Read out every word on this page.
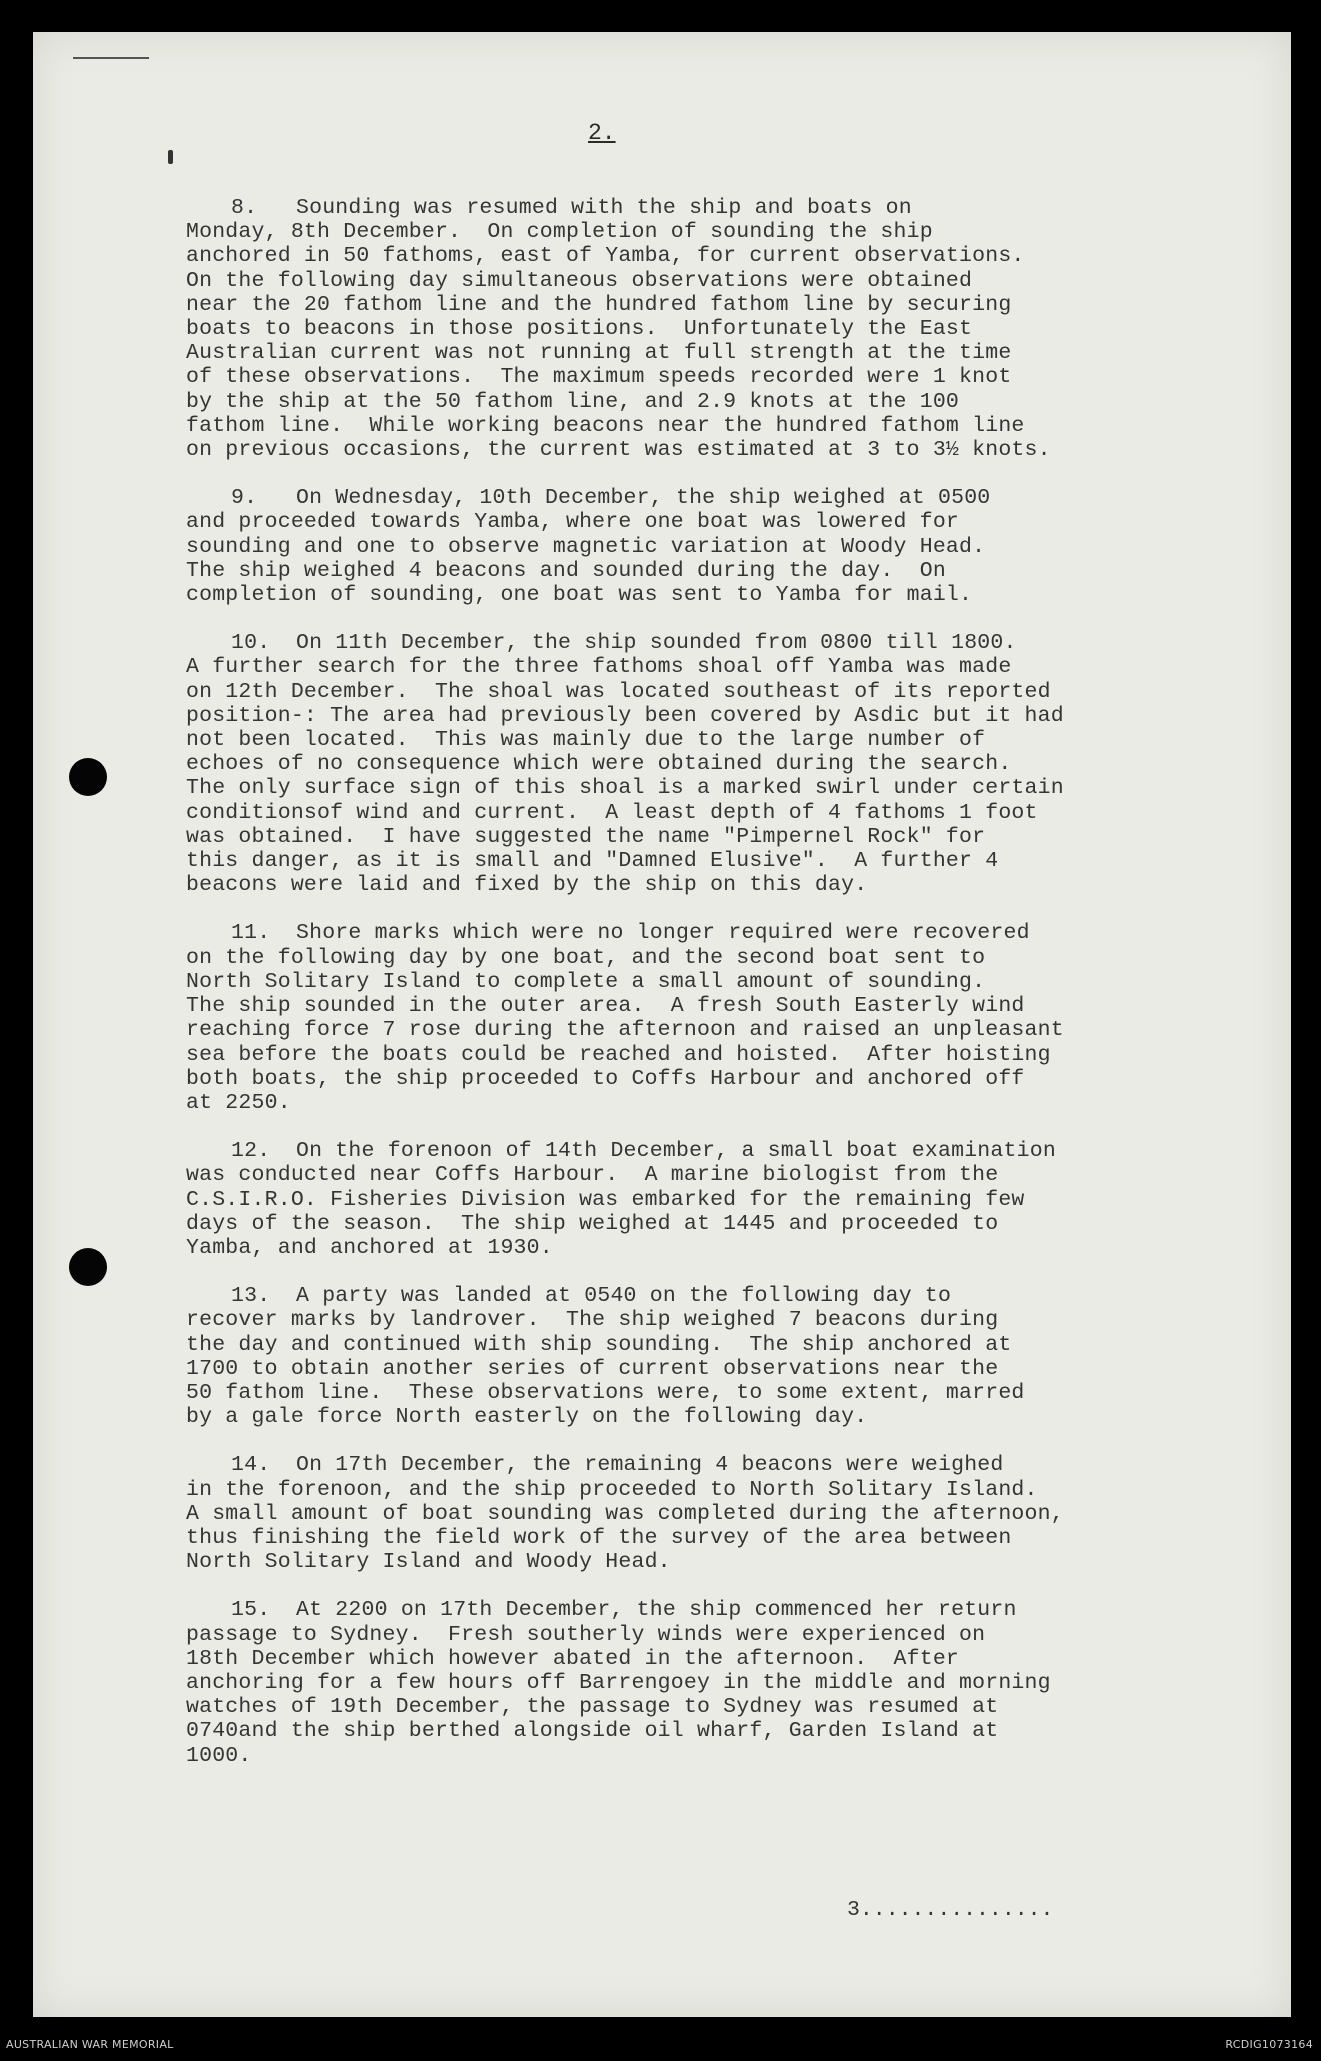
2.
8. Sounding was resumed with the ship and boats on
Monday, 8th December.  On completion of sounding the ship
anchored in 50 fathoms, east of Yamba, for current observations.
On the following day simultaneous observations were obtained
near the 20 fathom line and the hundred fathom line by securing
boats to beacons in those positions.  Unfortunately the East
Australian current was not running at full strength at the time
of these observations.  The maximum speeds recorded were 1 knot
by the ship at the 50 fathom line, and 2.9 knots at the 100
fathom line.  While working beacons near the hundred fathom line
on previous occasions, the current was estimated at 3 to 3½ knots.
9. On Wednesday, 10th December, the ship weighed at 0500
and proceeded towards Yamba, where one boat was lowered for
sounding and one to observe magnetic variation at Woody Head.
The ship weighed 4 beacons and sounded during the day.  On
completion of sounding, one boat was sent to Yamba for mail.
10. On 11th December, the ship sounded from 0800 till 1800.
A further search for the three fathoms shoal off Yamba was made
on 12th December.  The shoal was located southeast of its reported
position-: The area had previously been covered by Asdic but it had
not been located.  This was mainly due to the large number of
echoes of no consequence which were obtained during the search.
The only surface sign of this shoal is a marked swirl under certain
conditionsof wind and current.  A least depth of 4 fathoms 1 foot
was obtained.  I have suggested the name "Pimpernel Rock" for
this danger, as it is small and "Damned Elusive".  A further 4
beacons were laid and fixed by the ship on this day.
11. Shore marks which were no longer required were recovered
on the following day by one boat, and the second boat sent to
North Solitary Island to complete a small amount of sounding.
The ship sounded in the outer area.  A fresh South Easterly wind
reaching force 7 rose during the afternoon and raised an unpleasant
sea before the boats could be reached and hoisted.  After hoisting
both boats, the ship proceeded to Coffs Harbour and anchored off
at 2250.
12. On the forenoon of 14th December, a small boat examination
was conducted near Coffs Harbour.  A marine biologist from the
C.S.I.R.O. Fisheries Division was embarked for the remaining few
days of the season.  The ship weighed at 1445 and proceeded to
Yamba, and anchored at 1930.
13. A party was landed at 0540 on the following day to
recover marks by landrover.  The ship weighed 7 beacons during
the day and continued with ship sounding.  The ship anchored at
1700 to obtain another series of current observations near the
50 fathom line.  These observations were, to some extent, marred
by a gale force North easterly on the following day.
14. On 17th December, the remaining 4 beacons were weighed
in the forenoon, and the ship proceeded to North Solitary Island.
A small amount of boat sounding was completed during the afternoon,
thus finishing the field work of the survey of the area between
North Solitary Island and Woody Head.
15. At 2200 on 17th December, the ship commenced her return
passage to Sydney.  Fresh southerly winds were experienced on
18th December which however abated in the afternoon.  After
anchoring for a few hours off Barrengoey in the middle and morning
watches of 19th December, the passage to Sydney was resumed at
0740and the ship berthed alongside oil wharf, Garden Island at
1000.
3...............
AUSTRALIAN WAR MEMORIAL	RCDIG1073164
